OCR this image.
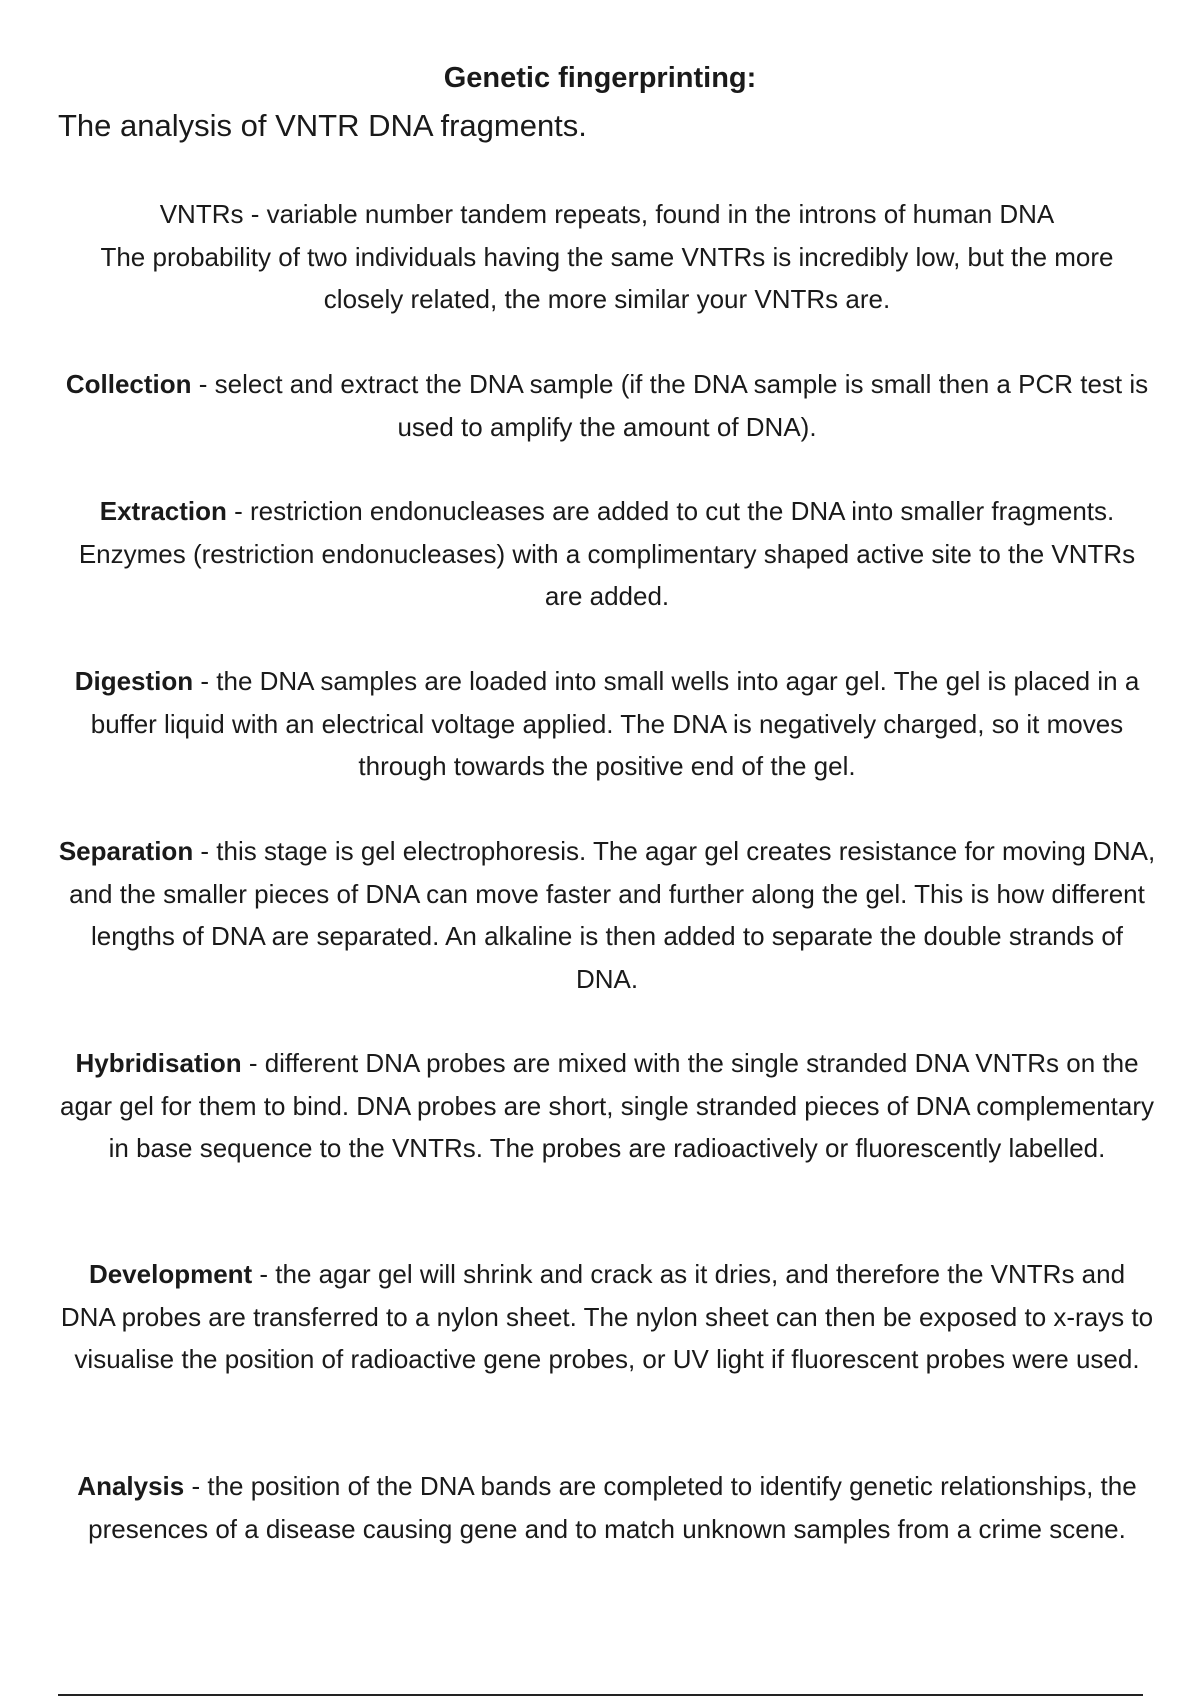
Genetic fingerprinting:

The analysis of VNTR DNA fragments.

VNTRs - variable number tandem repeats, found in the introns of human DNA
The probability of two individuals having the same VNTRs is incredibly low, but the more closely related, the more similar your VNTRs are.

Collection - select and extract the DNA sample (if the DNA sample is small then a PCR test is used to amplify the amount of DNA).

Extraction - restriction endonucleases are added to cut the DNA into smaller fragments. Enzymes (restriction endonucleases) with a complimentary shaped active site to the VNTRs are added.

Digestion - the DNA samples are loaded into small wells into agar gel. The gel is placed in a buffer liquid with an electrical voltage applied. The DNA is negatively charged, so it moves through towards the positive end of the gel.

Separation - this stage is gel electrophoresis. The agar gel creates resistance for moving DNA, and the smaller pieces of DNA can move faster and further along the gel. This is how different lengths of DNA are separated. An alkaline is then added to separate the double strands of DNA.

Hybridisation - different DNA probes are mixed with the single stranded DNA VNTRs on the agar gel for them to bind. DNA probes are short, single stranded pieces of DNA complementary in base sequence to the VNTRs. The probes are radioactively or fluorescently labelled.

Development - the agar gel will shrink and crack as it dries, and therefore the VNTRs and DNA probes are transferred to a nylon sheet. The nylon sheet can then be exposed to x-rays to visualise the position of radioactive gene probes, or UV light if fluorescent probes were used.

Analysis - the position of the DNA bands are completed to identify genetic relationships, the presences of a disease causing gene and to match unknown samples from a crime scene.
